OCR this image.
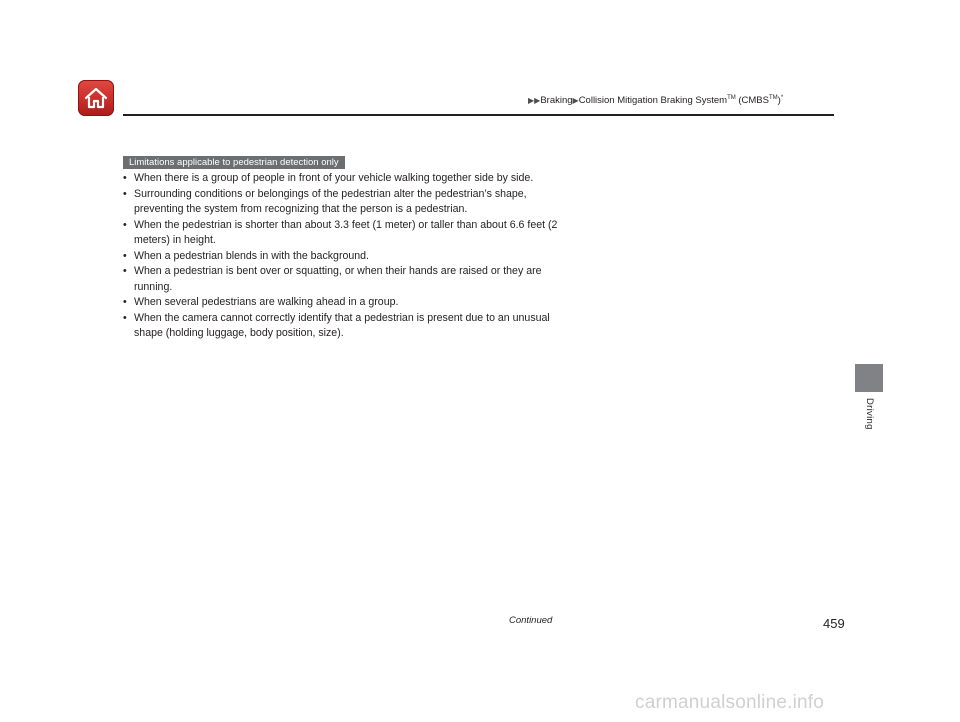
▶▶Braking▶Collision Mitigation Braking System™ (CMBS™)*
Limitations applicable to pedestrian detection only
• When there is a group of people in front of your vehicle walking together side by side.
• Surrounding conditions or belongings of the pedestrian alter the pedestrian’s shape, preventing the system from recognizing that the person is a pedestrian.
• When the pedestrian is shorter than about 3.3 feet (1 meter) or taller than about 6.6 feet (2 meters) in height.
• When a pedestrian blends in with the background.
• When a pedestrian is bent over or squatting, or when their hands are raised or they are running.
• When several pedestrians are walking ahead in a group.
• When the camera cannot correctly identify that a pedestrian is present due to an unusual shape (holding luggage, body position, size).
Driving
Continued	459
carmanualsonline.info
